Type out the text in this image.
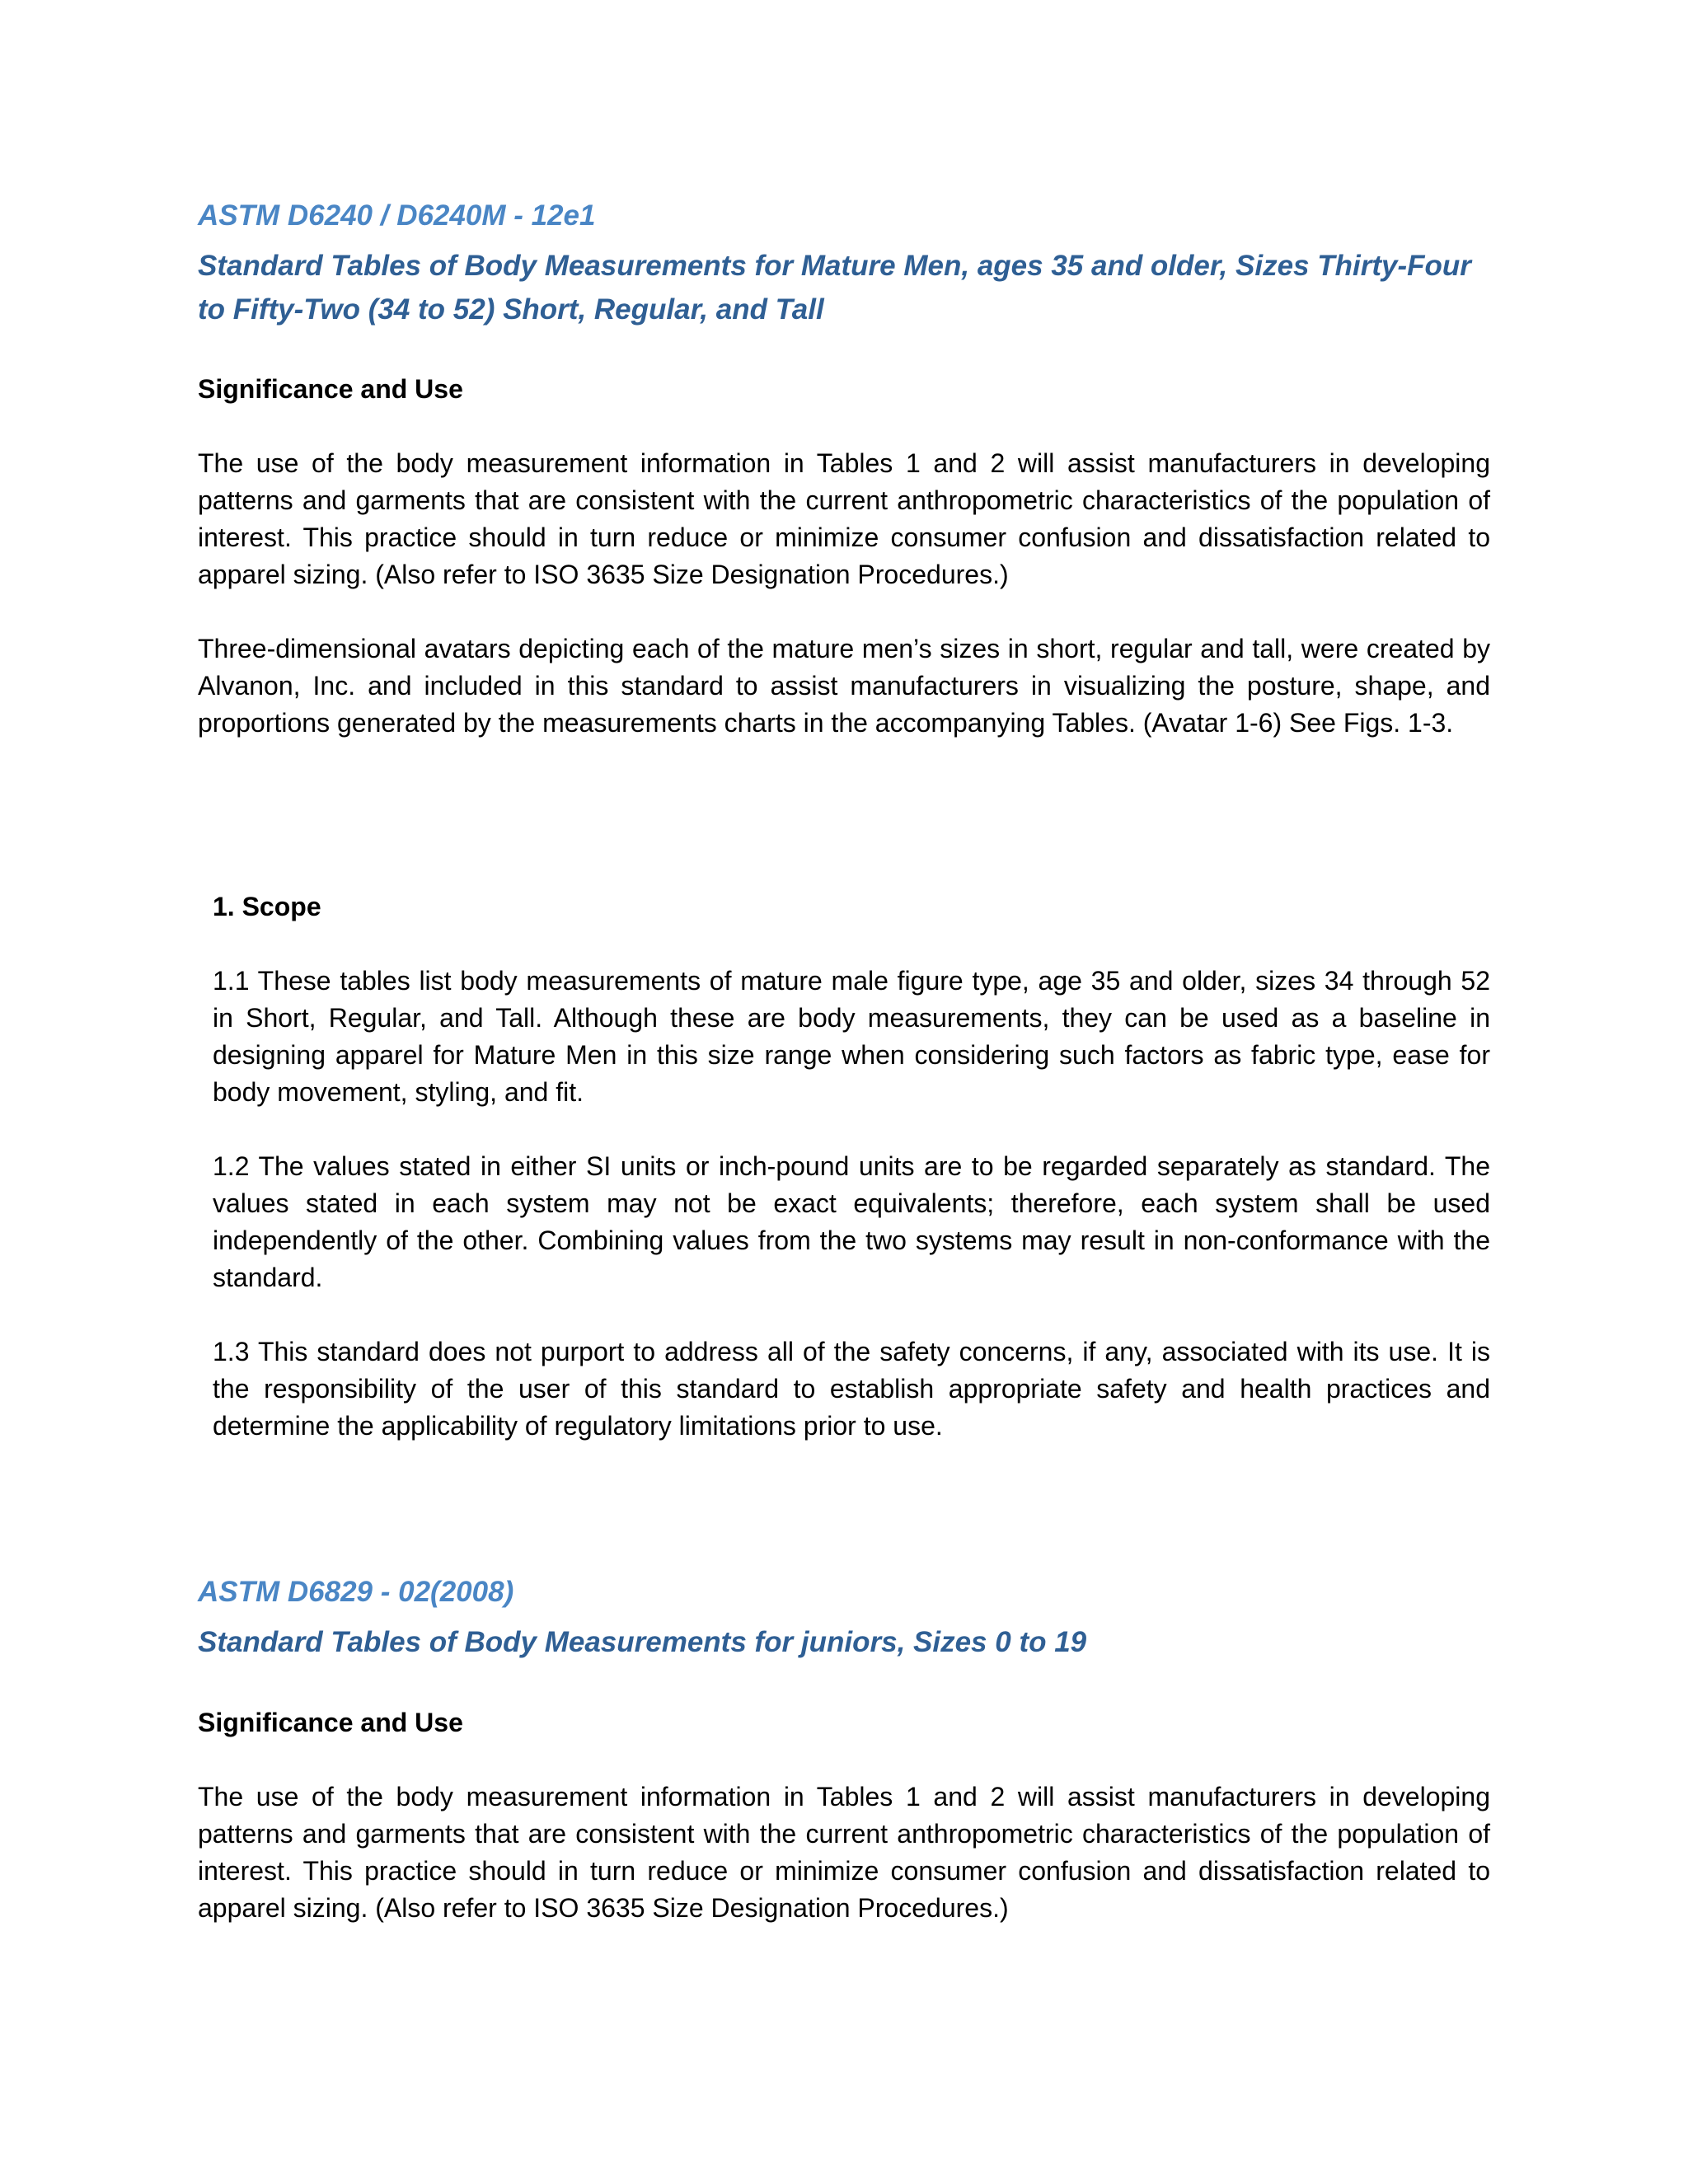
ASTM D6240 / D6240M - 12e1
Standard Tables of Body Measurements for Mature Men, ages 35 and older, Sizes Thirty-Four to Fifty-Two (34 to 52) Short, Regular, and Tall
Significance and Use

The use of the body measurement information in Tables 1 and 2 will assist manufacturers in developing patterns and garments that are consistent with the current anthropometric characteristics of the population of interest. This practice should in turn reduce or minimize consumer confusion and dissatisfaction related to apparel sizing. (Also refer to ISO 3635 Size Designation Procedures.)

Three-dimensional avatars depicting each of the mature men’s sizes in short, regular and tall, were created by Alvanon, Inc. and included in this standard to assist manufacturers in visualizing the posture, shape, and proportions generated by the measurements charts in the accompanying Tables. (Avatar 1-6) See Figs. 1-3.

1. Scope

1.1 These tables list body measurements of mature male figure type, age 35 and older, sizes 34 through 52 in Short, Regular, and Tall. Although these are body measurements, they can be used as a baseline in designing apparel for Mature Men in this size range when considering such factors as fabric type, ease for body movement, styling, and fit.

1.2 The values stated in either SI units or inch-pound units are to be regarded separately as standard. The values stated in each system may not be exact equivalents; therefore, each system shall be used independently of the other. Combining values from the two systems may result in non-conformance with the standard.

1.3 This standard does not purport to address all of the safety concerns, if any, associated with its use. It is the responsibility of the user of this standard to establish appropriate safety and health practices and determine the applicability of regulatory limitations prior to use.

ASTM D6829 - 02(2008)
Standard Tables of Body Measurements for juniors, Sizes 0 to 19
Significance and Use

The use of the body measurement information in Tables 1 and 2 will assist manufacturers in developing patterns and garments that are consistent with the current anthropometric characteristics of the population of interest. This practice should in turn reduce or minimize consumer confusion and dissatisfaction related to apparel sizing. (Also refer to ISO 3635 Size Designation Procedures.)
